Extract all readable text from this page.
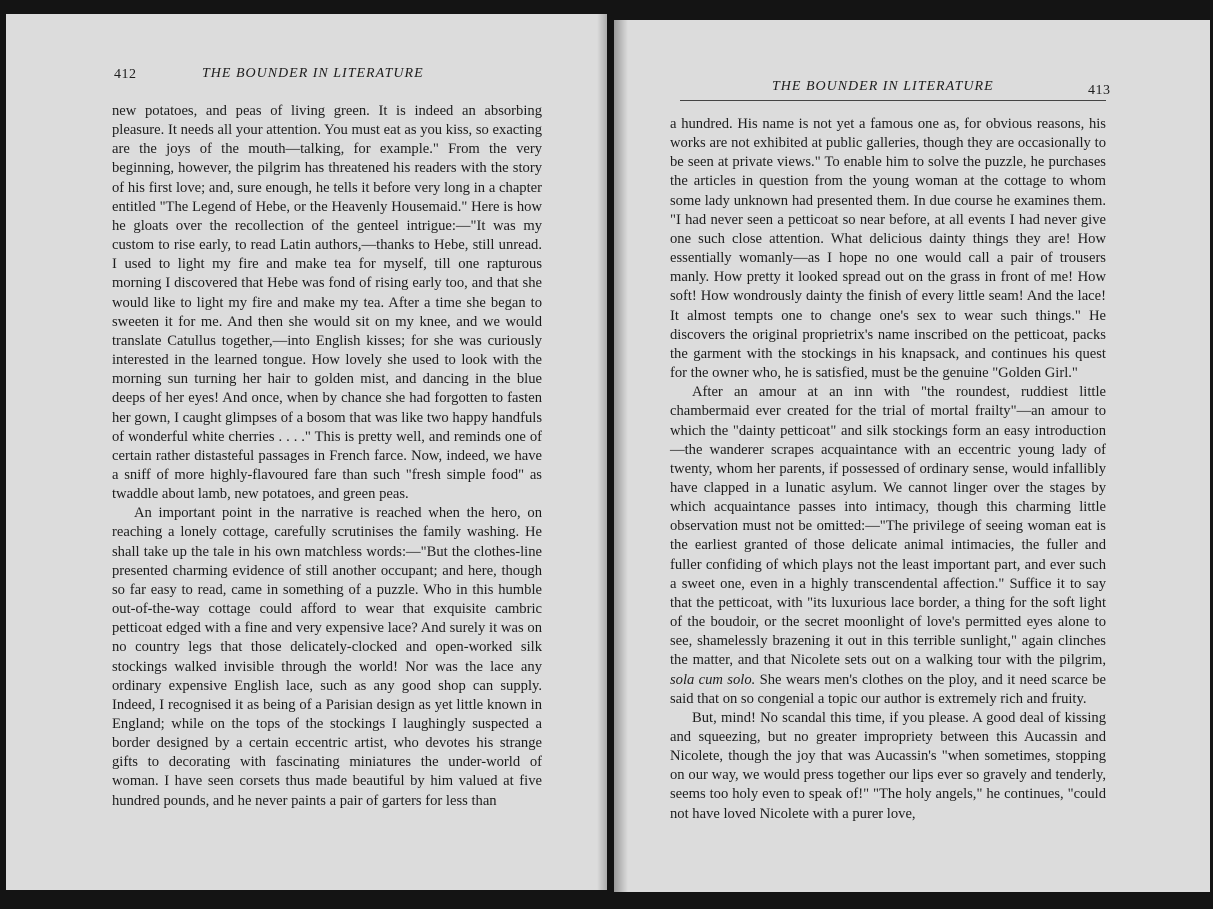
412	THE BOUNDER IN LITERATURE

new potatoes, and peas of living green. It is indeed an absorbing pleasure. It needs all your attention. You must eat as you kiss, so exacting are the joys of the mouth—talking, for example." From the very beginning, however, the pilgrim has threatened his readers with the story of his first love; and, sure enough, he tells it before very long in a chapter entitled "The Legend of Hebe, or the Heavenly Housemaid." Here is how he gloats over the recollection of the genteel intrigue:—"It was my custom to rise early, to read Latin authors,—thanks to Hebe, still unread. I used to light my fire and make tea for myself, till one rapturous morning I discovered that Hebe was fond of rising early too, and that she would like to light my fire and make my tea. After a time she began to sweeten it for me. And then she would sit on my knee, and we would translate Catullus together,—into English kisses; for she was curiously interested in the learned tongue. How lovely she used to look with the morning sun turning her hair to golden mist, and dancing in the blue deeps of her eyes! And once, when by chance she had forgotten to fasten her gown, I caught glimpses of a bosom that was like two happy handfuls of wonderful white cherries . . . ." This is pretty well, and reminds one of certain rather distasteful passages in French farce. Now, indeed, we have a sniff of more highly-flavoured fare than such "fresh simple food" as twaddle about lamb, new potatoes, and green peas.

An important point in the narrative is reached when the hero, on reaching a lonely cottage, carefully scrutinises the family washing. He shall take up the tale in his own matchless words:—"But the clothes-line presented charming evidence of still another occupant; and here, though so far easy to read, came in something of a puzzle. Who in this humble out-of-the-way cottage could afford to wear that exquisite cambric petticoat edged with a fine and very expensive lace? And surely it was on no country legs that those delicately-clocked and open-worked silk stockings walked invisible through the world! Nor was the lace any ordinary expensive English lace, such as any good shop can supply. Indeed, I recognised it as being of a Parisian design as yet little known in England; while on the tops of the stockings I laughingly suspected a border designed by a certain eccentric artist, who devotes his strange gifts to decorating with fascinating miniatures the under-world of woman. I have seen corsets thus made beautiful by him valued at five hundred pounds, and he never paints a pair of garters for less than

THE BOUNDER IN LITERATURE	413

a hundred. His name is not yet a famous one as, for obvious reasons, his works are not exhibited at public galleries, though they are occasionally to be seen at private views." To enable him to solve the puzzle, he purchases the articles in question from the young woman at the cottage to whom some lady unknown had presented them. In due course he examines them. "I had never seen a petticoat so near before, at all events I had never give one such close attention. What delicious dainty things they are! How essentially womanly—as I hope no one would call a pair of trousers manly. How pretty it looked spread out on the grass in front of me! How soft! How wondrously dainty the finish of every little seam! And the lace! It almost tempts one to change one's sex to wear such things." He discovers the original proprietrix's name inscribed on the petticoat, packs the garment with the stockings in his knapsack, and continues his quest for the owner who, he is satisfied, must be the genuine "Golden Girl."

After an amour at an inn with "the roundest, ruddiest little chambermaid ever created for the trial of mortal frailty"—an amour to which the "dainty petticoat" and silk stockings form an easy introduction—the wanderer scrapes acquaintance with an eccentric young lady of twenty, whom her parents, if possessed of ordinary sense, would infallibly have clapped in a lunatic asylum. We cannot linger over the stages by which acquaintance passes into intimacy, though this charming little observation must not be omitted:—"The privilege of seeing woman eat is the earliest granted of those delicate animal intimacies, the fuller and fuller confiding of which plays not the least important part, and ever such a sweet one, even in a highly transcendental affection." Suffice it to say that the petticoat, with "its luxurious lace border, a thing for the soft light of the boudoir, or the secret moonlight of love's permitted eyes alone to see, shamelessly brazening it out in this terrible sunlight," again clinches the matter, and that Nicolete sets out on a walking tour with the pilgrim, sola cum solo. She wears men's clothes on the ploy, and it need scarce be said that on so congenial a topic our author is extremely rich and fruity.

But, mind! No scandal this time, if you please. A good deal of kissing and squeezing, but no greater impropriety between this Aucassin and Nicolete, though the joy that was Aucassin's "when sometimes, stopping on our way, we would press together our lips ever so gravely and tenderly, seems too holy even to speak of!" "The holy angels," he continues, "could not have loved Nicolete with a purer love,
